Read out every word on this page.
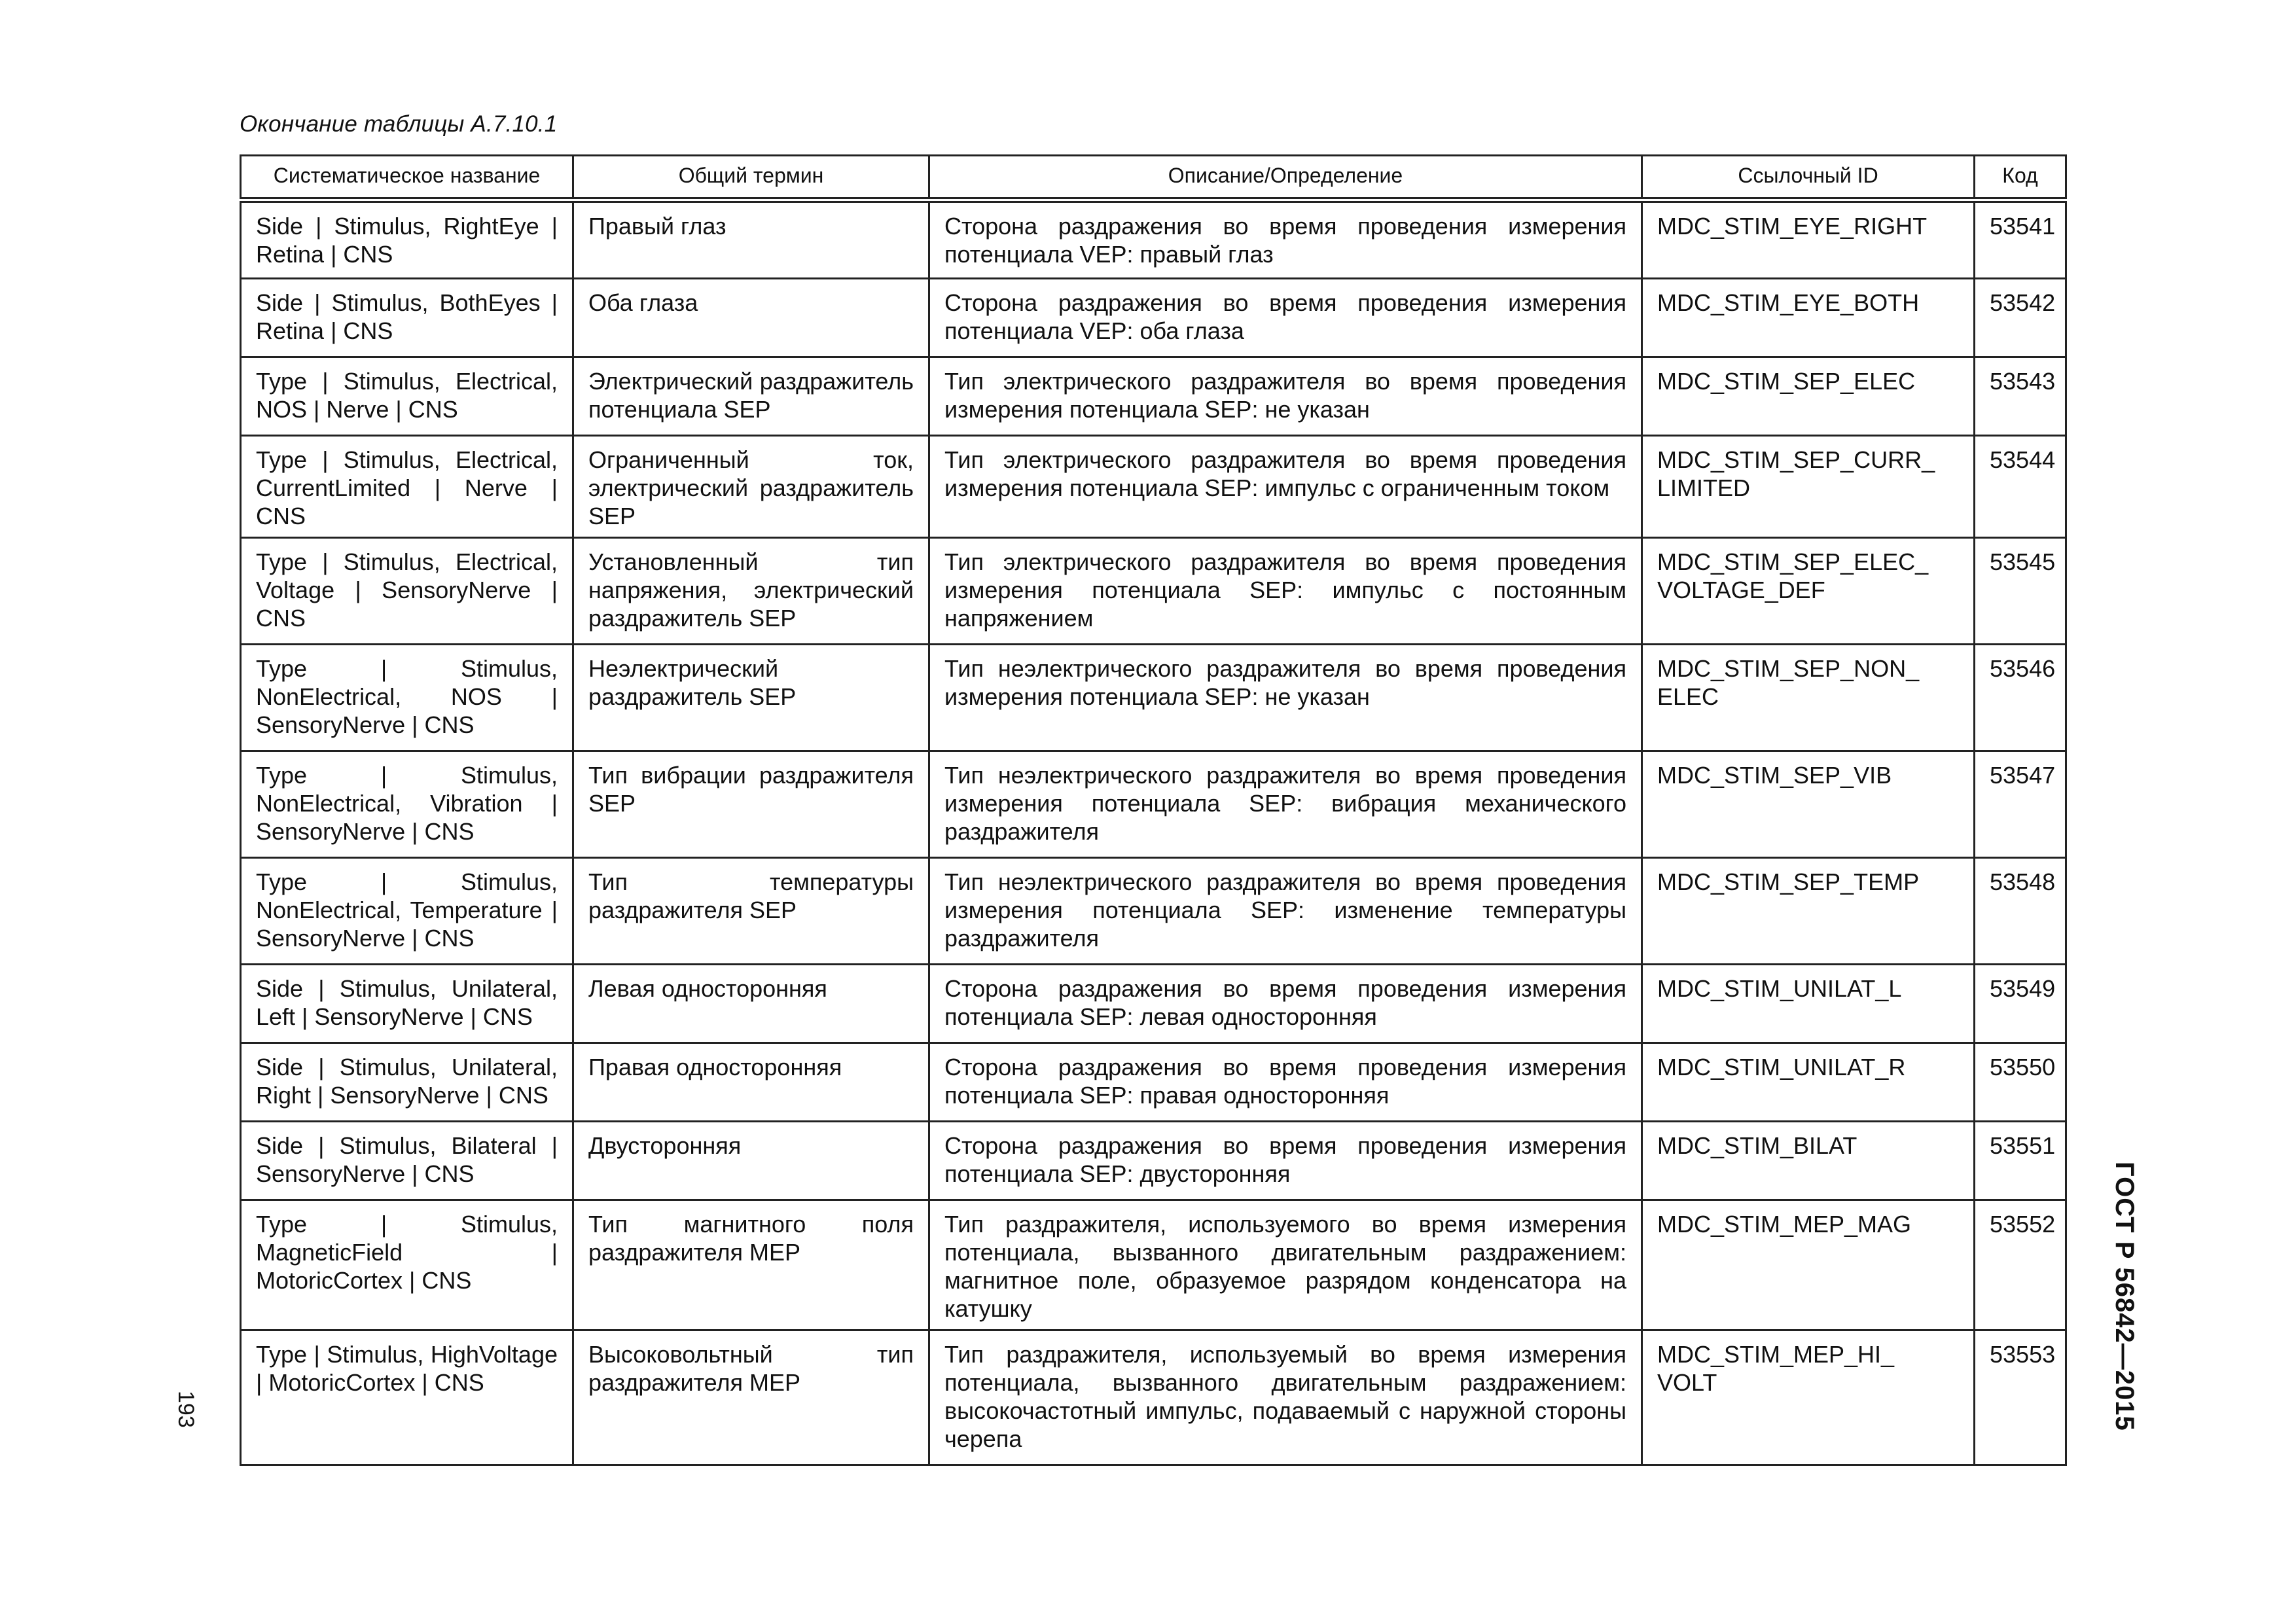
Окончание таблицы А.7.10.1
Систематическое название	Общий термин	Описание/Определение	Ссылочный ID	Код
Side | Stimulus, RightEye | Retina | CNS	Правый глаз	Сторона раздражения во время проведения измерения потенциала VEP: правый глаз	MDC_STIM_EYE_RIGHT	53541
Side | Stimulus, BothEyes | Retina | CNS	Оба глаза	Сторона раздражения во время проведения измерения потенциала VEP: оба глаза	MDC_STIM_EYE_BOTH	53542
Type | Stimulus, Electrical, NOS | Nerve | CNS	Электрический раздражитель потенциала SEP	Тип электрического раздражителя во время проведения измерения потенциала SEP: не указан	MDC_STIM_SEP_ELEC	53543
Type | Stimulus, Electrical, CurrentLimited | Nerve | CNS	Ограниченный ток, электрический раздражитель SEP	Тип электрического раздражителя во время проведения измерения потенциала SEP: импульс с ограниченным током	MDC_STIM_SEP_CURR_ LIMITED	53544
Type | Stimulus, Electrical, Voltage | SensoryNerve | CNS	Установленный тип напряжения, электрический раздражитель SEP	Тип электрического раздражителя во время проведения измерения потенциала SEP: импульс с постоянным напряжением	MDC_STIM_SEP_ELEC_ VOLTAGE_DEF	53545
Type | Stimulus, NonElectrical, NOS | SensoryNerve | CNS	Неэлектрический раздражитель SEP	Тип неэлектрического раздражителя во время проведения измерения потенциала SEP: не указан	MDC_STIM_SEP_NON_ ELEC	53546
Type | Stimulus, NonElectrical, Vibration | SensoryNerve | CNS	Тип вибрации раздражителя SEP	Тип неэлектрического раздражителя во время проведения измерения потенциала SEP: вибрация механического раздражителя	MDC_STIM_SEP_VIB	53547
Type | Stimulus, NonElectrical, Temperature | SensoryNerve | CNS	Тип температуры раздражителя SEP	Тип неэлектрического раздражителя во время проведения измерения потенциала SEP: изменение температуры раздражителя	MDC_STIM_SEP_TEMP	53548
Side | Stimulus, Unilateral, Left | SensoryNerve | CNS	Левая односторонняя	Сторона раздражения во время проведения измерения потенциала SEP: левая односторонняя	MDC_STIM_UNILAT_L	53549
Side | Stimulus, Unilateral, Right | SensoryNerve | CNS	Правая односторонняя	Сторона раздражения во время проведения измерения потенциала SEP: правая односторонняя	MDC_STIM_UNILAT_R	53550
Side | Stimulus, Bilateral | SensoryNerve | CNS	Двусторонняя	Сторона раздражения во время проведения измерения потенциала SEP: двусторонняя	MDC_STIM_BILAT	53551
Type | Stimulus, MagneticField | MotoricCortex | CNS	Тип магнитного поля раздражителя MEP	Тип раздражителя, используемого во время измерения потенциала, вызванного двигательным раздражением: магнитное поле, образуемое разрядом конденсатора на катушку	MDC_STIM_MEP_MAG	53552
Type | Stimulus, HighVoltage | MotoricCortex | CNS	Высоковольтный тип раздражителя MEP	Тип раздражителя, используемый во время измерения потенциала, вызванного двигательным раздражением: высокочастотный импульс, подаваемый с наружной стороны черепа	MDC_STIM_MEP_HI_ VOLT	53553 ГОСТ Р 56842—2015
193
